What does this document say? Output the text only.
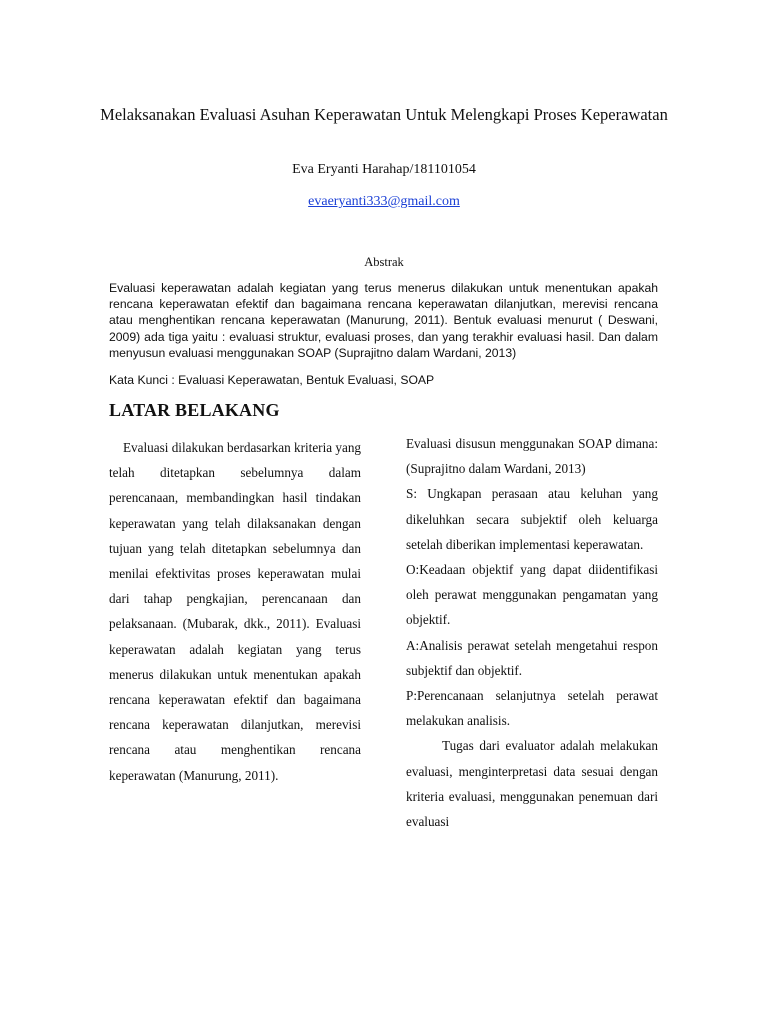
Melaksanakan Evaluasi Asuhan Keperawatan Untuk Melengkapi Proses Keperawatan
Eva Eryanti Harahap/181101054
evaeryanti333@gmail.com
Abstrak

Evaluasi keperawatan adalah kegiatan yang terus menerus dilakukan untuk menentukan apakah rencana keperawatan efektif dan bagaimana rencana keperawatan dilanjutkan, merevisi rencana atau menghentikan rencana keperawatan (Manurung, 2011). Bentuk evaluasi menurut ( Deswani, 2009) ada tiga yaitu : evaluasi struktur, evaluasi proses, dan yang terakhir evaluasi hasil. Dan dalam menyusun evaluasi menggunakan SOAP (Suprajitno dalam Wardani, 2013)

Kata Kunci : Evaluasi Keperawatan, Bentuk Evaluasi, SOAP
LATAR BELAKANG

Evaluasi dilakukan berdasarkan kriteria yang telah ditetapkan sebelumnya dalam perencanaan, membandingkan hasil tindakan keperawatan yang telah dilaksanakan dengan tujuan yang telah ditetapkan sebelumnya dan menilai efektivitas proses keperawatan mulai dari tahap pengkajian, perencanaan dan pelaksanaan. (Mubarak, dkk., 2011). Evaluasi keperawatan adalah kegiatan yang terus menerus dilakukan untuk menentukan apakah rencana keperawatan efektif dan bagaimana rencana keperawatan dilanjutkan, merevisi rencana atau menghentikan rencana keperawatan (Manurung, 2011).

Evaluasi disusun menggunakan SOAP dimana: (Suprajitno dalam Wardani, 2013)

S: Ungkapan perasaan atau keluhan yang dikeluhkan secara subjektif oleh keluarga setelah diberikan implementasi keperawatan.

O:Keadaan objektif yang dapat diidentifikasi oleh perawat menggunakan pengamatan yang objektif.

A:Analisis perawat setelah mengetahui respon subjektif dan objektif.

P:Perencanaan selanjutnya setelah perawat melakukan analisis.

Tugas dari evaluator adalah melakukan evaluasi, menginterpretasi data sesuai dengan kriteria evaluasi, menggunakan penemuan dari evaluasi
